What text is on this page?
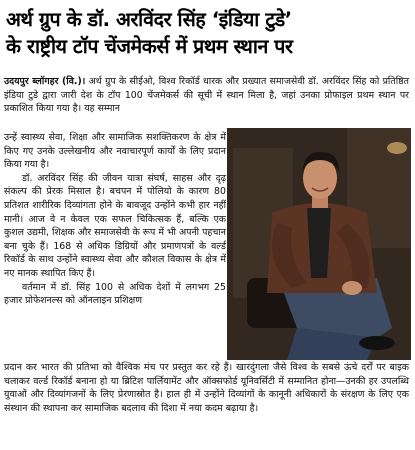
अर्थ ग्रुप के डॉ. अरविंदर सिंह ‘इंडिया टुडे’
के राष्ट्रीय टॉप चेंजमेकर्स में प्रथम स्थान पर

उदयपुर ब्लॉगहर (वि.)। अर्थ ग्रुप के सीईओ, विश्व रिकॉर्ड धारक और प्रख्यात समाजसेवी डॉ. अरविंदर सिंह को प्रतिष्ठित इंडिया टुडे द्वारा जारी देश के टॉप 100 चेंजमेकर्स की सूची में स्थान मिला है, जहां उनका प्रोफाइल प्रथम स्थान पर प्रकाशित किया गया है। यह सम्मान

उन्हें स्वास्थ्य सेवा, शिक्षा और सामाजिक सशक्तिकरण के क्षेत्र में किए गए उनके उल्लेखनीय और नवाचारपूर्ण कार्यों के लिए प्रदान किया गया है।

डॉ. अरविंदर सिंह की जीवन यात्रा संघर्ष, साहस और दृढ़ संकल्प की प्रेरक मिसाल है। बचपन में पोलियो के कारण 80 प्रतिशत शारीरिक दिव्यांगता होने के बावजूद उन्होंने कभी हार नहीं मानी। आज वे न केवल एक सफल चिकित्सक हैं, बल्कि एक कुशल उद्यमी, शिक्षक और समाजसेवी के रूप में भी अपनी पहचान बना चुके हैं। 168 से अधिक डिग्रियों और प्रमाणपत्रों के वर्ल्ड रिकॉर्ड के साथ उन्होंने स्वास्थ्य सेवा और कौशल विकास के क्षेत्र में नए मानक स्थापित किए हैं।

वर्तमान में डॉ. सिंह 100 से अधिक देशों में लगभग 25 हजार प्रोफेशनल्स को ऑनलाइन प्रशिक्षण

प्रदान कर भारत की प्रतिभा को वैश्विक मंच पर प्रस्तुत कर रहे हैं। खारदुंगला जैसे विश्व के सबसे ऊंचे दर्रों पर बाइक चलाकर वर्ल्ड रिकॉर्ड बनाना हो या ब्रिटिश पार्लियामेंट और ऑक्सफोर्ड यूनिवर्सिटी में सम्मानित होना—उनकी हर उपलब्धि युवाओं और दिव्यांगजनों के लिए प्रेरणास्रोत है। हाल ही में उन्होंने दिव्यांगों के कानूनी अधिकारों के संरक्षण के लिए एक संस्थान की स्थापना कर सामाजिक बदलाव की दिशा में नया कदम बढ़ाया है।
